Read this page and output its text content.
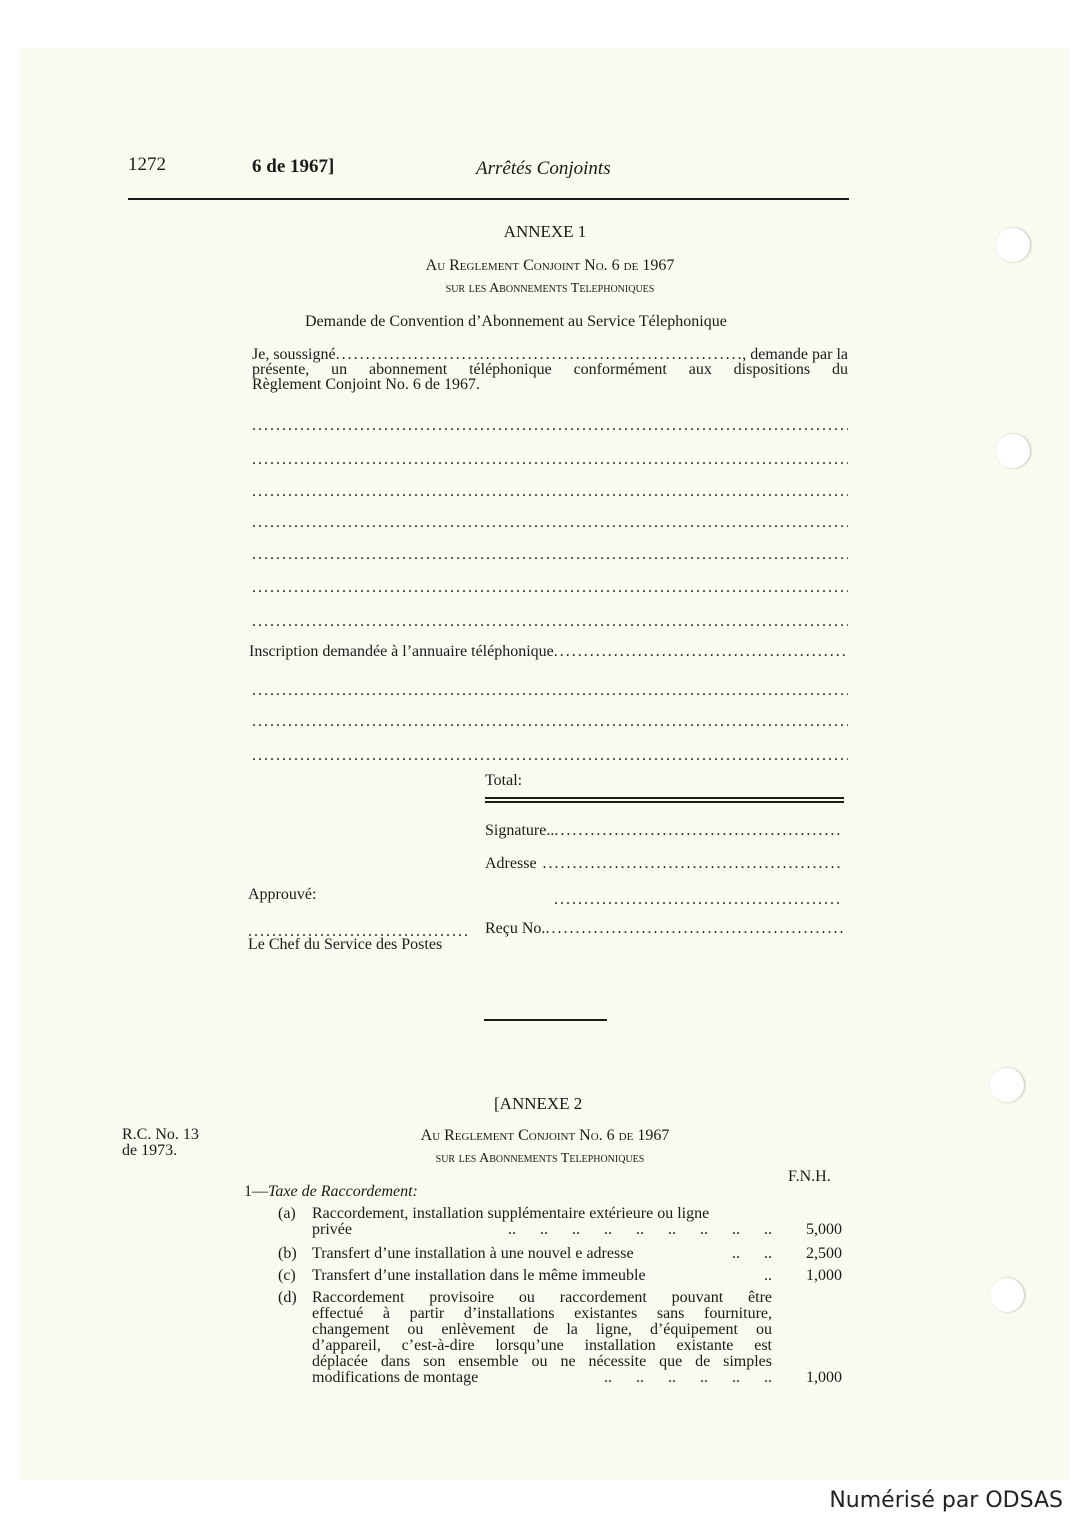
1272	6 de 1967]	Arrêtés Conjoints
ANNEXE 1
Au Reglement Conjoint No. 6 de 1967
sur les Abonnements Telephoniques
Demande de Convention d’Abonnement au Service Télephonique
Je, soussigné .....	, demande par la
présente, un abonnement téléphonique conformément aux dispositions du
Règlement Conjoint No. 6 de 1967.
.....
.....
.....
.....
.....
.....
.....
Inscription demandée à l’annuaire téléphonique
.....
.....
.....
.....
Total:
Signature..
.....
Adresse
.....
Approuvé:
.....
.....
Le Chef du Service des Postes
Reçu No.
.....
[ANNEXE 2
R.C. No. 13
de 1973.
Au Reglement Conjoint No. 6 de 1967
sur les Abonnements Telephoniques
F.N.H.
1—Taxe de Raccordement:
(a)	Raccordement, installation supplémentaire extérieure ou ligne
privée	..      ..      ..      ..      ..      ..      ..      ..      ..	5,000
(b) Transfert d’une installation à une nouvel e adresse	..      ..	2,500
(c)	Transfert d’une installation dans le même immeuble	..	1,000
(d) Raccordement provisoire ou raccordement pouvant être
effectué à partir d’installations existantes sans fourniture,
changement ou enlèvement de la ligne, d’équipement ou
d’appareil, c’est-à-dire lorsqu’une installation existante est
déplacée dans son ensemble ou ne nécessite que de simples
modifications de montage	..      ..      ..      ..      ..      ..	1,000
Numérisé par ODSAS
